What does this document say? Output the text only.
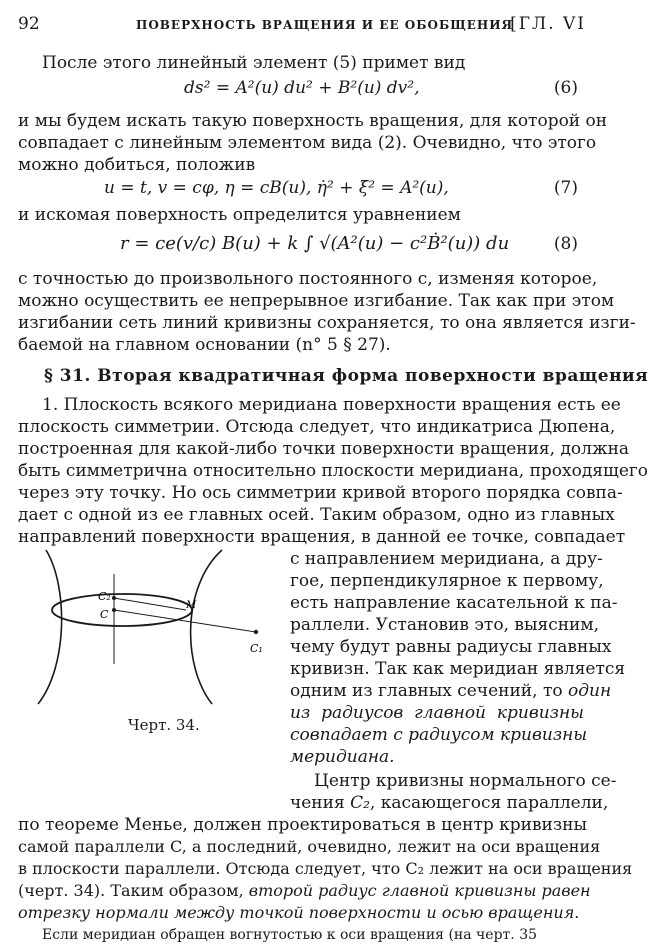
92	ПОВЕРХНОСТЬ ВРАЩЕНИЯ И ЕЕ ОБОБЩЕНИЯ
[ГЛ. VI
После этого линейный элемент (5) примет вид
ds² = A²(u) du² + B²(u) dv²,	(6)
и мы будем искать такую поверхность вращения, для которой он
совпадает с линейным элементом вида (2). Очевидно, что этого
можно добиться, положив
u = t, v = cφ, η = cB(u), η̇² + ξ̇² = A²(u),	(7)
и искомая поверхность определится уравнением
r = ce(v/c) B(u) + k ∫ √(A²(u) − c²Ḃ²(u)) du	(8)
с точностью до произвольного постоянного c, изменяя которое,
можно осуществить ее непрерывное изгибание. Так как при этом
изгибании сеть линий кривизны сохраняется, то она является изги-
баемой на главном основании (n° 5 § 27).
§ 31. Вторая квадратичная форма поверхности вращения
1. Плоскость всякого меридиана поверхности вращения есть ее
плоскость симметрии. Отсюда следует, что индикатриса Дюпена,
построенная для какой-либо точки поверхности вращения, должна
быть симметрична относительно плоскости меридиана, проходящего
через эту точку. Но ось симметрии кривой второго порядка совпа-
дает с одной из ее главных осей. Таким образом, одно из главных
направлений поверхности вращения, в данной ее точке, совпадает
C₂
C
M
C₁
Черт. 34.
с направлением меридиана, а дру-
гое, перпендикулярное к первому,
есть направление касательной к па-
раллели. Установив это, выясним,
чему будут равны радиусы главных
кривизн. Так как меридиан является
одним из главных сечений, то один
из радиусов главной кривизны
совпадает с радиусом кривизны
меридиана.
Центр кривизны нормального се-
чения C₂, касающегося параллели,
по теореме Менье, должен проектироваться в центр кривизны
самой параллели C, а последний, очевидно, лежит на оси вращения
в плоскости параллели. Отсюда следует, что C₂ лежит на оси вращения
(черт. 34). Таким образом, второй радиус главной кривизны равен
отрезку нормали между точкой поверхности и осью вращения.
Если меридиан обращен вогнутостью к оси вращения (на черт. 35
